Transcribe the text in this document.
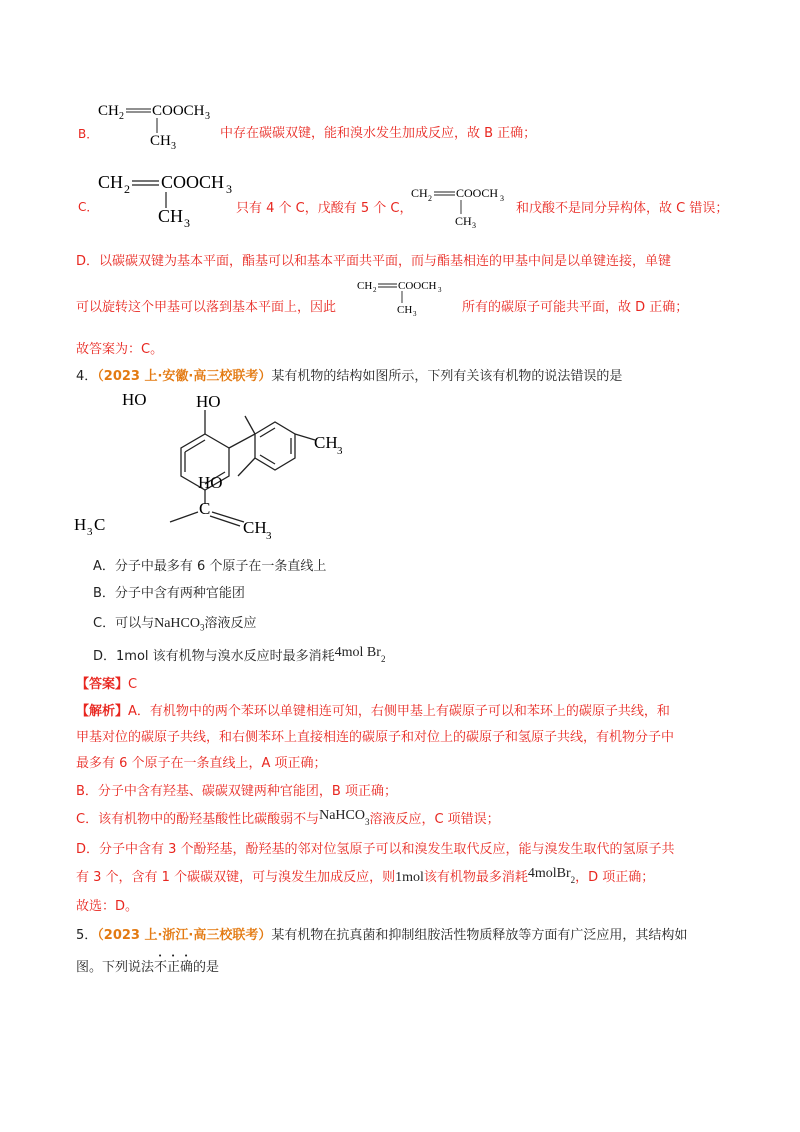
B．
CH 2 COOCH 3
CH 3
中存在碳碳双键，能和溴水发生加成反应，故 B 正确；
C．
CH 2 COOCH 3
CH 3
只有 4 个 C，戊酸有 5 个 C，
CH 2 COOCH 3
CH 3
和戊酸不是同分异构体，故 C 错误；
D．以碳碳双键为基本平面，酯基可以和基本平面共平面，而与酯基相连的甲基中间是以单键连接，单键
可以旋转这个甲基可以落到基本平面上，因此
CH 2 COOCH 3
CH 3	所有的碳原子可能共平面，故 D 正确；
故答案为：C。
4．（2023 上·安徽·高三校联考）某有机物的结构如图所示，下列有关该有机物的说法错误的是
HO	HO
CH 3
HO
C
H 3 C	CH 3
A．分子中最多有 6 个原子在一条直线上
B．分子中含有两种官能团
C．可以与NaHCO$_3$溶液反应
D．1mol 该有机物与溴水反应时最多消耗4mol $Br_2$
【答案】C
【解析】A．有机物中的两个苯环以单键相连可知，右侧甲基上有碳原子可以和苯环上的碳原子共线，和
甲基对位的碳原子共线，和右侧苯环上直接相连的碳原子和对位上的碳原子和氢原子共线，有机物分子中
最多有 6 个原子在一条直线上，A 项正确；
B．分子中含有羟基、碳碳双键两种官能团，B 项正确；
C．该有机物中的酚羟基酸性比碳酸弱不与NaHCO$_3$溶液反应，C 项错误；
D．分子中含有 3 个酚羟基，酚羟基的邻对位氢原子可以和溴发生取代反应，能与溴发生取代的氢原子共
有 3 个，含有 1 个碳碳双键，可与溴发生加成反应，则1mol该有机物最多消耗4molBr$_2$，D 项正确；
故选：D。
5．（2023 上·浙江·高三校联考）某有机物在抗真菌和抑制组胺活性物质释放等方面有广泛应用，其结构如
图。下列说法不正确的是
